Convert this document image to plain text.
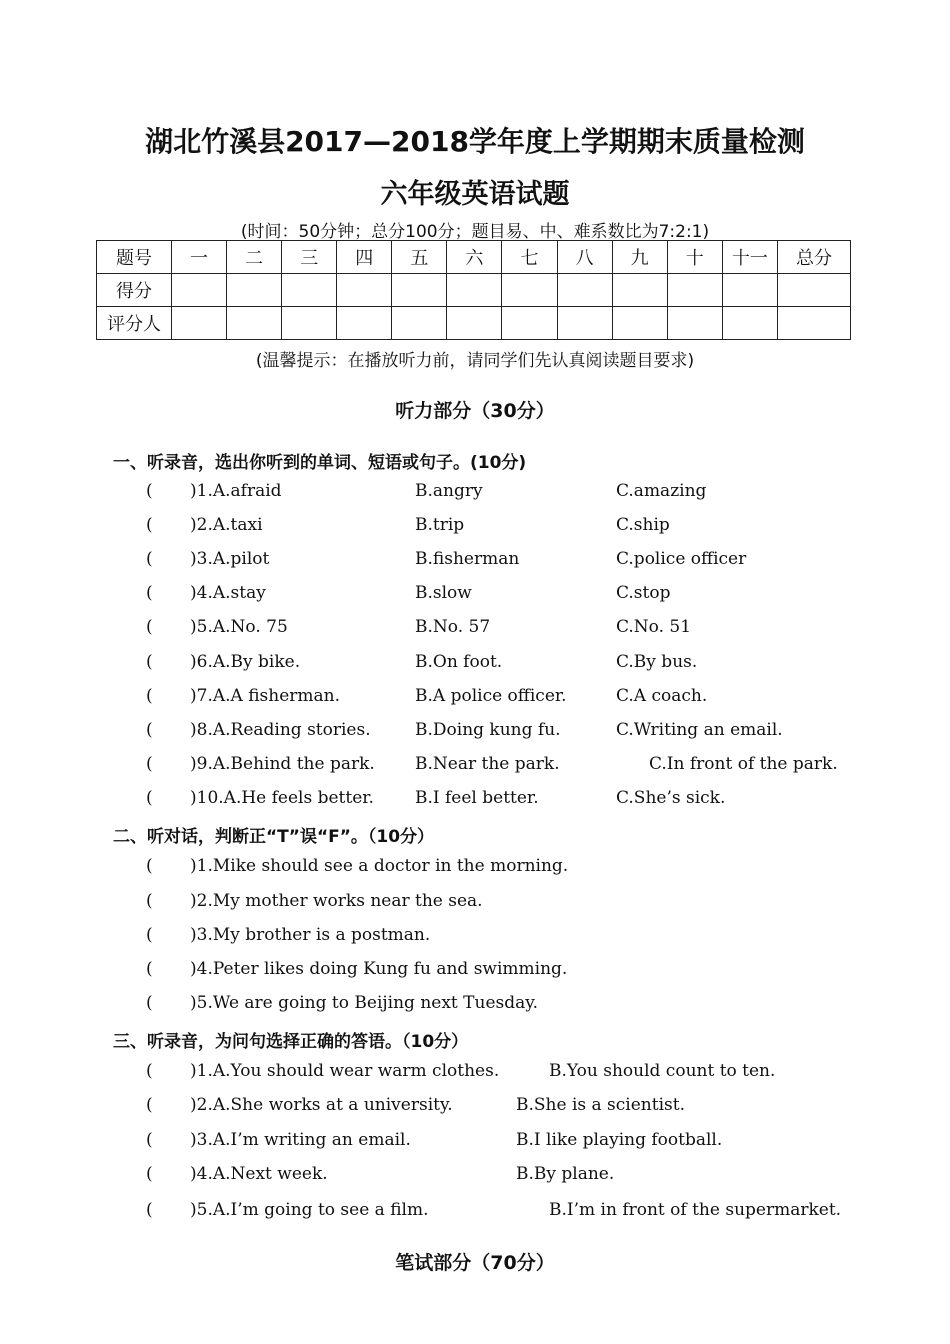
湖北竹溪县2017—2018学年度上学期期末质量检测
六年级英语试题
(时间：50分钟；总分100分；题目易、中、难系数比为7:2:1)
题号	一	二	三	四	五	六	七	八	九	十	十一	总分
得分												
评分人												
(温馨提示：在播放听力前，请同学们先认真阅读题目要求)
听力部分（30分）
一、听录音，选出你听到的单词、短语或句子。(10分)
( )1.A.afraid	B.angry	C.amazing
( )2.A.taxi	B.trip	C.ship
( )3.A.pilot	B.fisherman	C.police officer
( )4.A.stay	B.slow	C.stop
( )5.A.No. 75	B.No. 57	C.No. 51
( )6.A.By bike.	B.On foot.	C.By bus.
( )7.A.A fisherman.	B.A police officer.	C.A coach.
( )8.A.Reading stories.	B.Doing kung fu.	C.Writing an email.
( )9.A.Behind the park. B.Near the park.	C.In front of the park.
( )10.A.He feels better. B.I feel better.	C.She’s sick.
二、听对话，判断正“T”误“F”。（10分）
( )1.Mike should see a doctor in the morning.
( )2.My mother works near the sea.
( )3.My brother is a postman.
( )4.Peter likes doing Kung fu and swimming.
( )5.We are going to Beijing next Tuesday.
三、听录音，为问句选择正确的答语。（10分）
( )1.A.You should wear warm clothes.	B.You should count to ten.
( )2.A.She works at a university.	B.She is a scientist.
( )3.A.I’m writing an email.	B.I like playing football.
( )4.A.Next week.	B.By plane.
( )5.A.I’m going to see a film.	B.I’m in front of the supermarket.
笔试部分（70分）
